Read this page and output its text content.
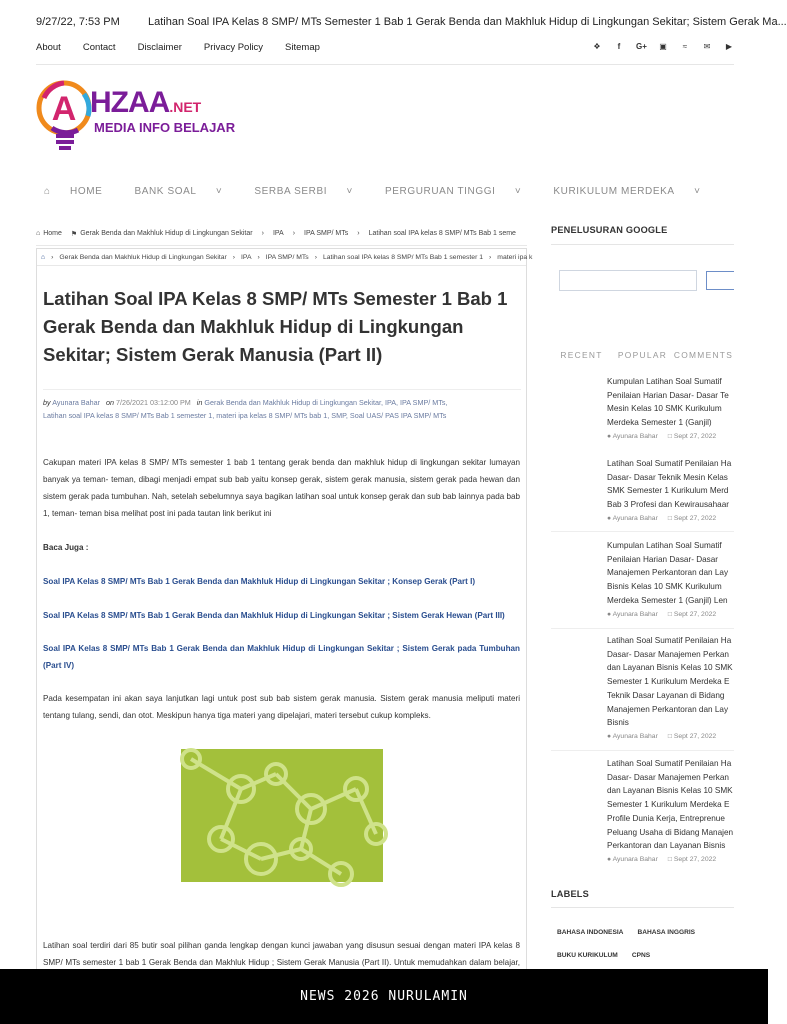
9/27/22, 7:53 PM	Latihan Soal IPA Kelas 8 SMP/ MTs Semester 1 Bab 1 Gerak Benda dan Makhluk Hidup di Lingkungan Sekitar; Sistem Gerak Ma...
About Contact Disclaimer Privacy Policy Sitemap	❖	f	G+ ▣	≈	✉ ▶
A HZAA.NET
MEDIA INFO BELAJAR
⌂ HOME	BANK SOAL ˅	SERBA SERBI ˅	PERGURUAN TINGGI ˅	KURIKULUM MERDEKA ˅
⌂ Home ⚑ Gerak Benda dan Makhluk Hidup di Lingkungan Sekitar › IPA › IPA SMP/ MTs › Latihan soal IPA kelas 8 SMP/ MTs Bab 1 seme
⌂ › Gerak Benda dan Makhluk Hidup di Lingkungan Sekitar › IPA › IPA SMP/ MTs › Latihan soal IPA kelas 8 SMP/ MTs Bab 1 semester 1 › materi ipa k
Latihan Soal IPA Kelas 8 SMP/ MTs Semester 1 Bab 1 Gerak Benda dan Makhluk Hidup di Lingkungan Sekitar; Sistem Gerak Manusia (Part II)
by Ayunara Bahar on 7/26/2021 03:12:00 PM in Gerak Benda dan Makhluk Hidup di Lingkungan Sekitar, IPA, IPA SMP/ MTs,
Latihan soal IPA kelas 8 SMP/ MTs Bab 1 semester 1, materi ipa kelas 8 SMP/ MTs bab 1, SMP, Soal UAS/ PAS IPA SMP/ MTs

Cakupan materi IPA kelas 8 SMP/ MTs semester 1 bab 1 tentang gerak benda dan makhluk hidup di lingkungan sekitar lumayan banyak ya teman- teman, dibagi menjadi empat sub bab yaitu konsep gerak, sistem gerak manusia, sistem gerak pada hewan dan sistem gerak pada tumbuhan. Nah, setelah sebelumnya saya bagikan latihan soal untuk konsep gerak dan sub bab lainnya pada bab 1, teman- teman bisa melihat post ini pada tautan link berikut ini

Baca Juga :

Soal IPA Kelas 8 SMP/ MTs Bab 1 Gerak Benda dan Makhluk Hidup di Lingkungan Sekitar ; Konsep Gerak (Part I)

Soal IPA Kelas 8 SMP/ MTs Bab 1 Gerak Benda dan Makhluk Hidup di Lingkungan Sekitar ; Sistem Gerak Hewan (Part III)

Soal IPA Kelas 8 SMP/ MTs Bab 1 Gerak Benda dan Makhluk Hidup di Lingkungan Sekitar ; Sistem Gerak pada Tumbuhan (Part IV)

Pada kesempatan ini akan saya lanjutkan lagi untuk post sub bab sistem gerak manusia. Sistem gerak manusia meliputi materi tentang tulang, sendi, dan otot. Meskipun hanya tiga materi yang dipelajari, materi tersebut cukup kompleks.

Latihan soal terdiri dari 85 butir soal pilihan ganda lengkap dengan kunci jawaban yang disusun sesuai dengan materi IPA kelas 8 SMP/ MTs semester 1 bab 1 Gerak Benda dan Makhluk Hidup ; Sistem Gerak Manusia (Part II). Untuk memudahkan dalam belajar,

PENELUSURAN GOOGLE
RECENT	POPULAR COMMENTS
Kumpulan Latihan Soal Sumatif
Penilaian Harian Dasar- Dasar Te
Mesin Kelas 10 SMK Kurikulum
Merdeka Semester 1 (Ganjil)
● Ayunara Bahar □ Sept 27, 2022
Latihan Soal Sumatif Penilaian Ha
Dasar- Dasar Teknik Mesin Kelas
SMK Semester 1 Kurikulum Merd
Bab 3 Profesi dan Kewirausahaar
● Ayunara Bahar □ Sept 27, 2022
Kumpulan Latihan Soal Sumatif
Penilaian Harian Dasar- Dasar
Manajemen Perkantoran dan Lay
Bisnis Kelas 10 SMK Kurikulum
Merdeka Semester 1 (Ganjil) Len
● Ayunara Bahar □ Sept 27, 2022
Latihan Soal Sumatif Penilaian Ha
Dasar- Dasar Manajemen Perkan
dan Layanan Bisnis Kelas 10 SMK
Semester 1 Kurikulum Merdeka E
Teknik Dasar Layanan di Bidang
Manajemen Perkantoran dan Lay
Bisnis
● Ayunara Bahar □ Sept 27, 2022
Latihan Soal Sumatif Penilaian Ha
Dasar- Dasar Manajemen Perkan
dan Layanan Bisnis Kelas 10 SMK
Semester 1 Kurikulum Merdeka E
Profile Dunia Kerja, Entreprenue
Peluang Usaha di Bidang Manajen
Perkantoran dan Layanan Bisnis
● Ayunara Bahar □ Sept 27, 2022
LABELS
BAHASA INDONESIA BAHASA INGGRIS
BUKU KURIKULUM CPNS
NEWS 2026 NURULAMIN
